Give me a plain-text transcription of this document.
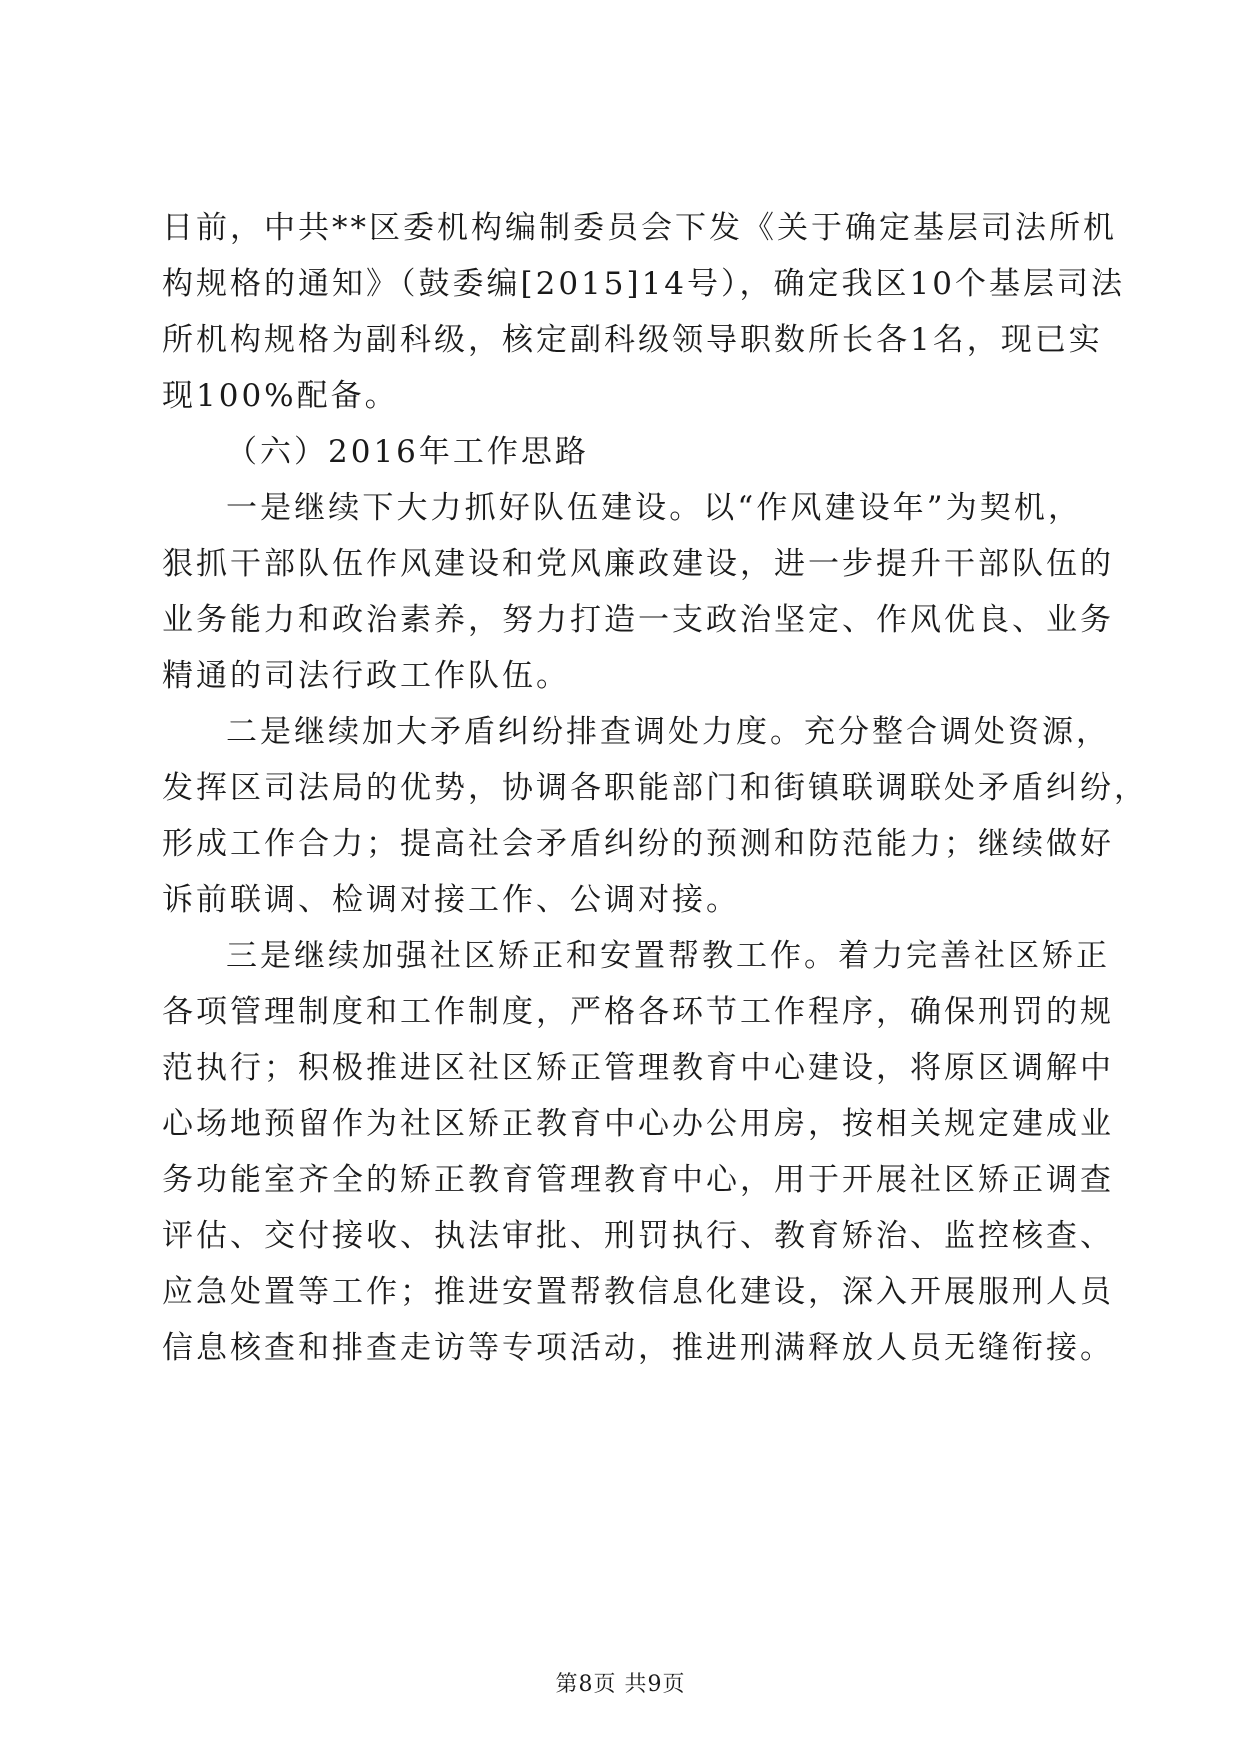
日前，中共**区委机构编制委员会下发《关于确定基层司法所机
构规格的通知》（鼓委编[2015]14号），确定我区10个基层司法
所机构规格为副科级，核定副科级领导职数所长各1名，现已实
现100%配备。
（六）2016年工作思路
一是继续下大力抓好队伍建设。以“作风建设年”为契机，
狠抓干部队伍作风建设和党风廉政建设，进一步提升干部队伍的
业务能力和政治素养，努力打造一支政治坚定、作风优良、业务
精通的司法行政工作队伍。
二是继续加大矛盾纠纷排查调处力度。充分整合调处资源，
发挥区司法局的优势，协调各职能部门和街镇联调联处矛盾纠纷，
形成工作合力；提高社会矛盾纠纷的预测和防范能力；继续做好
诉前联调、检调对接工作、公调对接。
三是继续加强社区矫正和安置帮教工作。着力完善社区矫正
各项管理制度和工作制度，严格各环节工作程序，确保刑罚的规
范执行；积极推进区社区矫正管理教育中心建设，将原区调解中
心场地预留作为社区矫正教育中心办公用房，按相关规定建成业
务功能室齐全的矫正教育管理教育中心，用于开展社区矫正调查
评估、交付接收、执法审批、刑罚执行、教育矫治、监控核查、
应急处置等工作；推进安置帮教信息化建设，深入开展服刑人员
信息核查和排查走访等专项活动，推进刑满释放人员无缝衔接。
第8页 共9页
